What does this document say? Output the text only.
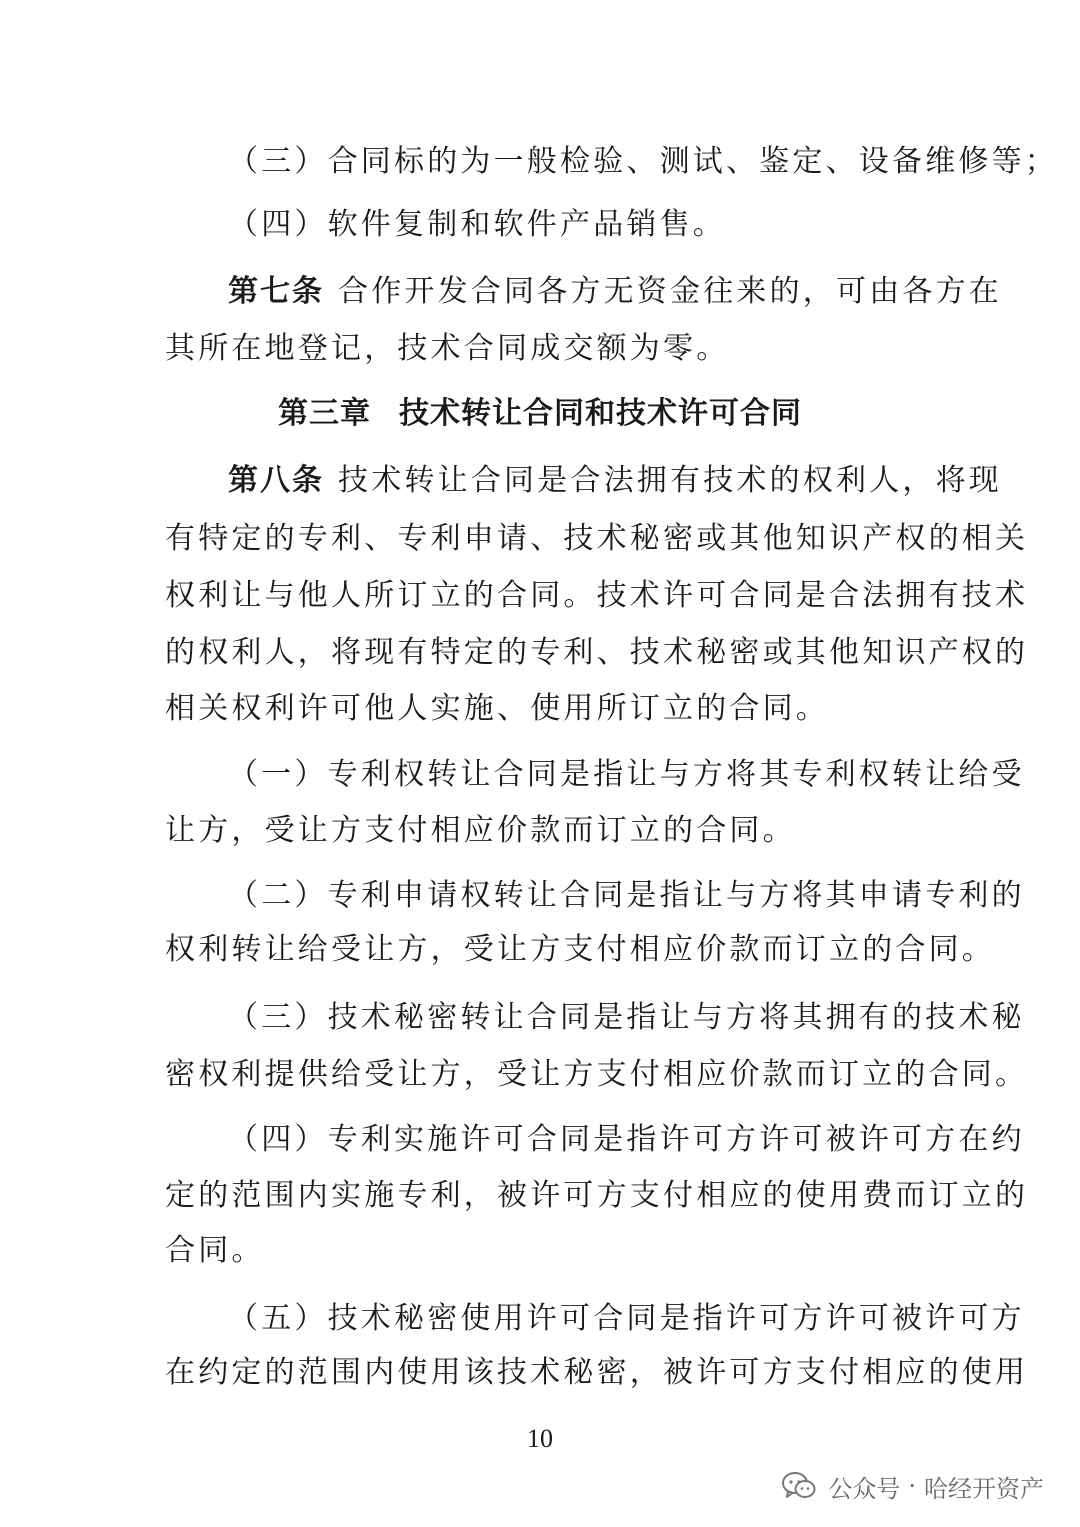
（三）合同标的为一般检验、测试、鉴定、设备维修等；
（四）软件复制和软件产品销售。
第七条 合作开发合同各方无资金往来的，可由各方在
其所在地登记，技术合同成交额为零。
第三章 技术转让合同和技术许可合同
第八条 技术转让合同是合法拥有技术的权利人，将现
有特定的专利、专利申请、技术秘密或其他知识产权的相关
权利让与他人所订立的合同。技术许可合同是合法拥有技术
的权利人，将现有特定的专利、技术秘密或其他知识产权的
相关权利许可他人实施、使用所订立的合同。
（一）专利权转让合同是指让与方将其专利权转让给受
让方，受让方支付相应价款而订立的合同。
（二）专利申请权转让合同是指让与方将其申请专利的
权利转让给受让方，受让方支付相应价款而订立的合同。
（三）技术秘密转让合同是指让与方将其拥有的技术秘
密权利提供给受让方，受让方支付相应价款而订立的合同。
（四）专利实施许可合同是指许可方许可被许可方在约
定的范围内实施专利，被许可方支付相应的使用费而订立的
合同。
（五）技术秘密使用许可合同是指许可方许可被许可方
在约定的范围内使用该技术秘密，被许可方支付相应的使用
10
公众号 · 哈经开资产
